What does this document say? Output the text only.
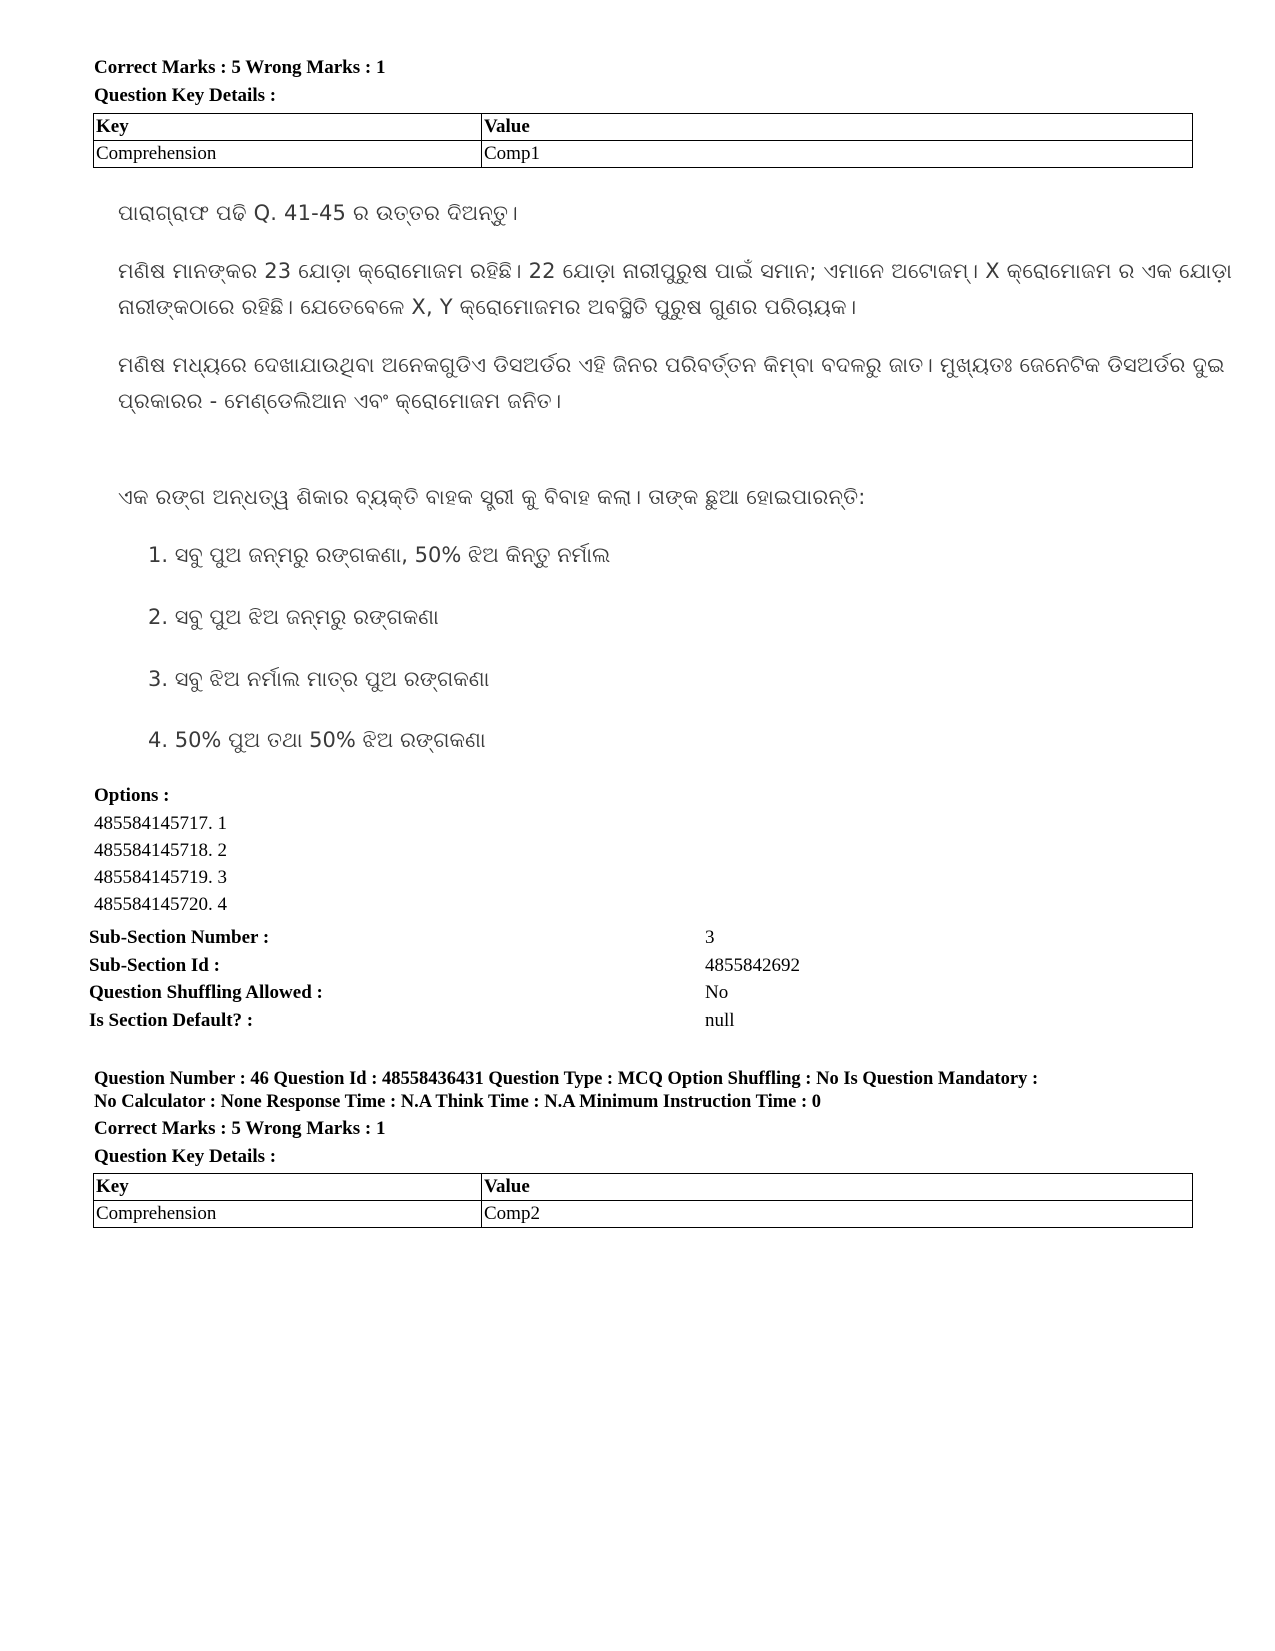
Correct Marks : 5 Wrong Marks : 1
Question Key Details :
Key	Value
Comprehension	Comp1
ପାରାଗ୍ରାଫ ପଢି Q. 41-45 ର ଉତ୍ତର ଦିଅନ୍ତୁ।
ମଣିଷ ମାନଙ୍କର 23 ଯୋଡ଼ା କ୍ରୋମୋଜମ ରହିଛି। 22 ଯୋଡ଼ା ନାରୀପୁରୁଷ ପାଇଁ ସମାନ; ଏମାନେ ଅଟୋଜମ୍। X କ୍ରୋମୋଜମ ର ଏକ ଯୋଡ଼ା
ନାରୀଙ୍କଠାରେ ରହିଛି। ଯେତେବେଳେ X, Y କ୍ରୋମୋଜମର ଅବସ୍ଥିତି ପୁରୁଷ ଗୁଣର ପରିଚାୟକ।
ମଣିଷ ମଧ୍ୟରେ ଦେଖାଯାଉଥିବା ଅନେକଗୁଡିଏ ଡିସଅର୍ଡର ଏହି ଜିନର ପରିବର୍ତ୍ତନ କିମ୍ବା ବଦଳରୁ ଜାତ। ମୁଖ୍ୟତଃ ଜେନେଟିକ ଡିସଅର୍ଡର ଦୁଇ
ପ୍ରକାରର - ମେଣ୍ଡେଲିଆନ ଏବଂ କ୍ରୋମୋଜମ ଜନିତ।
ଏକ ରଙ୍ଗ ଅନ୍ଧତ୍ୱ ଶିକାର ବ୍ୟକ୍ତି ବାହକ ସ୍ତ୍ରୀ କୁ ବିବାହ କଲା। ତାଙ୍କ ଛୁଆ ହୋଇପାରନ୍ତି:
1. ସବୁ ପୁଅ ଜନ୍ମରୁ ରଙ୍ଗକଣା, 50% ଝିଅ କିନ୍ତୁ ନର୍ମାଲ
2. ସବୁ ପୁଅ ଝିଅ ଜନ୍ମରୁ ରଙ୍ଗକଣା
3. ସବୁ ଝିଅ ନର୍ମାଲ ମାତ୍ର ପୁଅ ରଙ୍ଗକଣା
4. 50% ପୁଅ ତଥା 50% ଝିଅ ରଙ୍ଗକଣା
Options :
485584145717. 1
485584145718. 2
485584145719. 3
485584145720. 4
Sub-Section Number :	3
Sub-Section Id :	4855842692
Question Shuffling Allowed :	No
Is Section Default? :	null
Question Number : 46 Question Id : 48558436431 Question Type : MCQ Option Shuffling : No Is Question Mandatory :
No Calculator : None Response Time : N.A Think Time : N.A Minimum Instruction Time : 0
Correct Marks : 5 Wrong Marks : 1
Question Key Details :
Key	Value
Comprehension	Comp2
